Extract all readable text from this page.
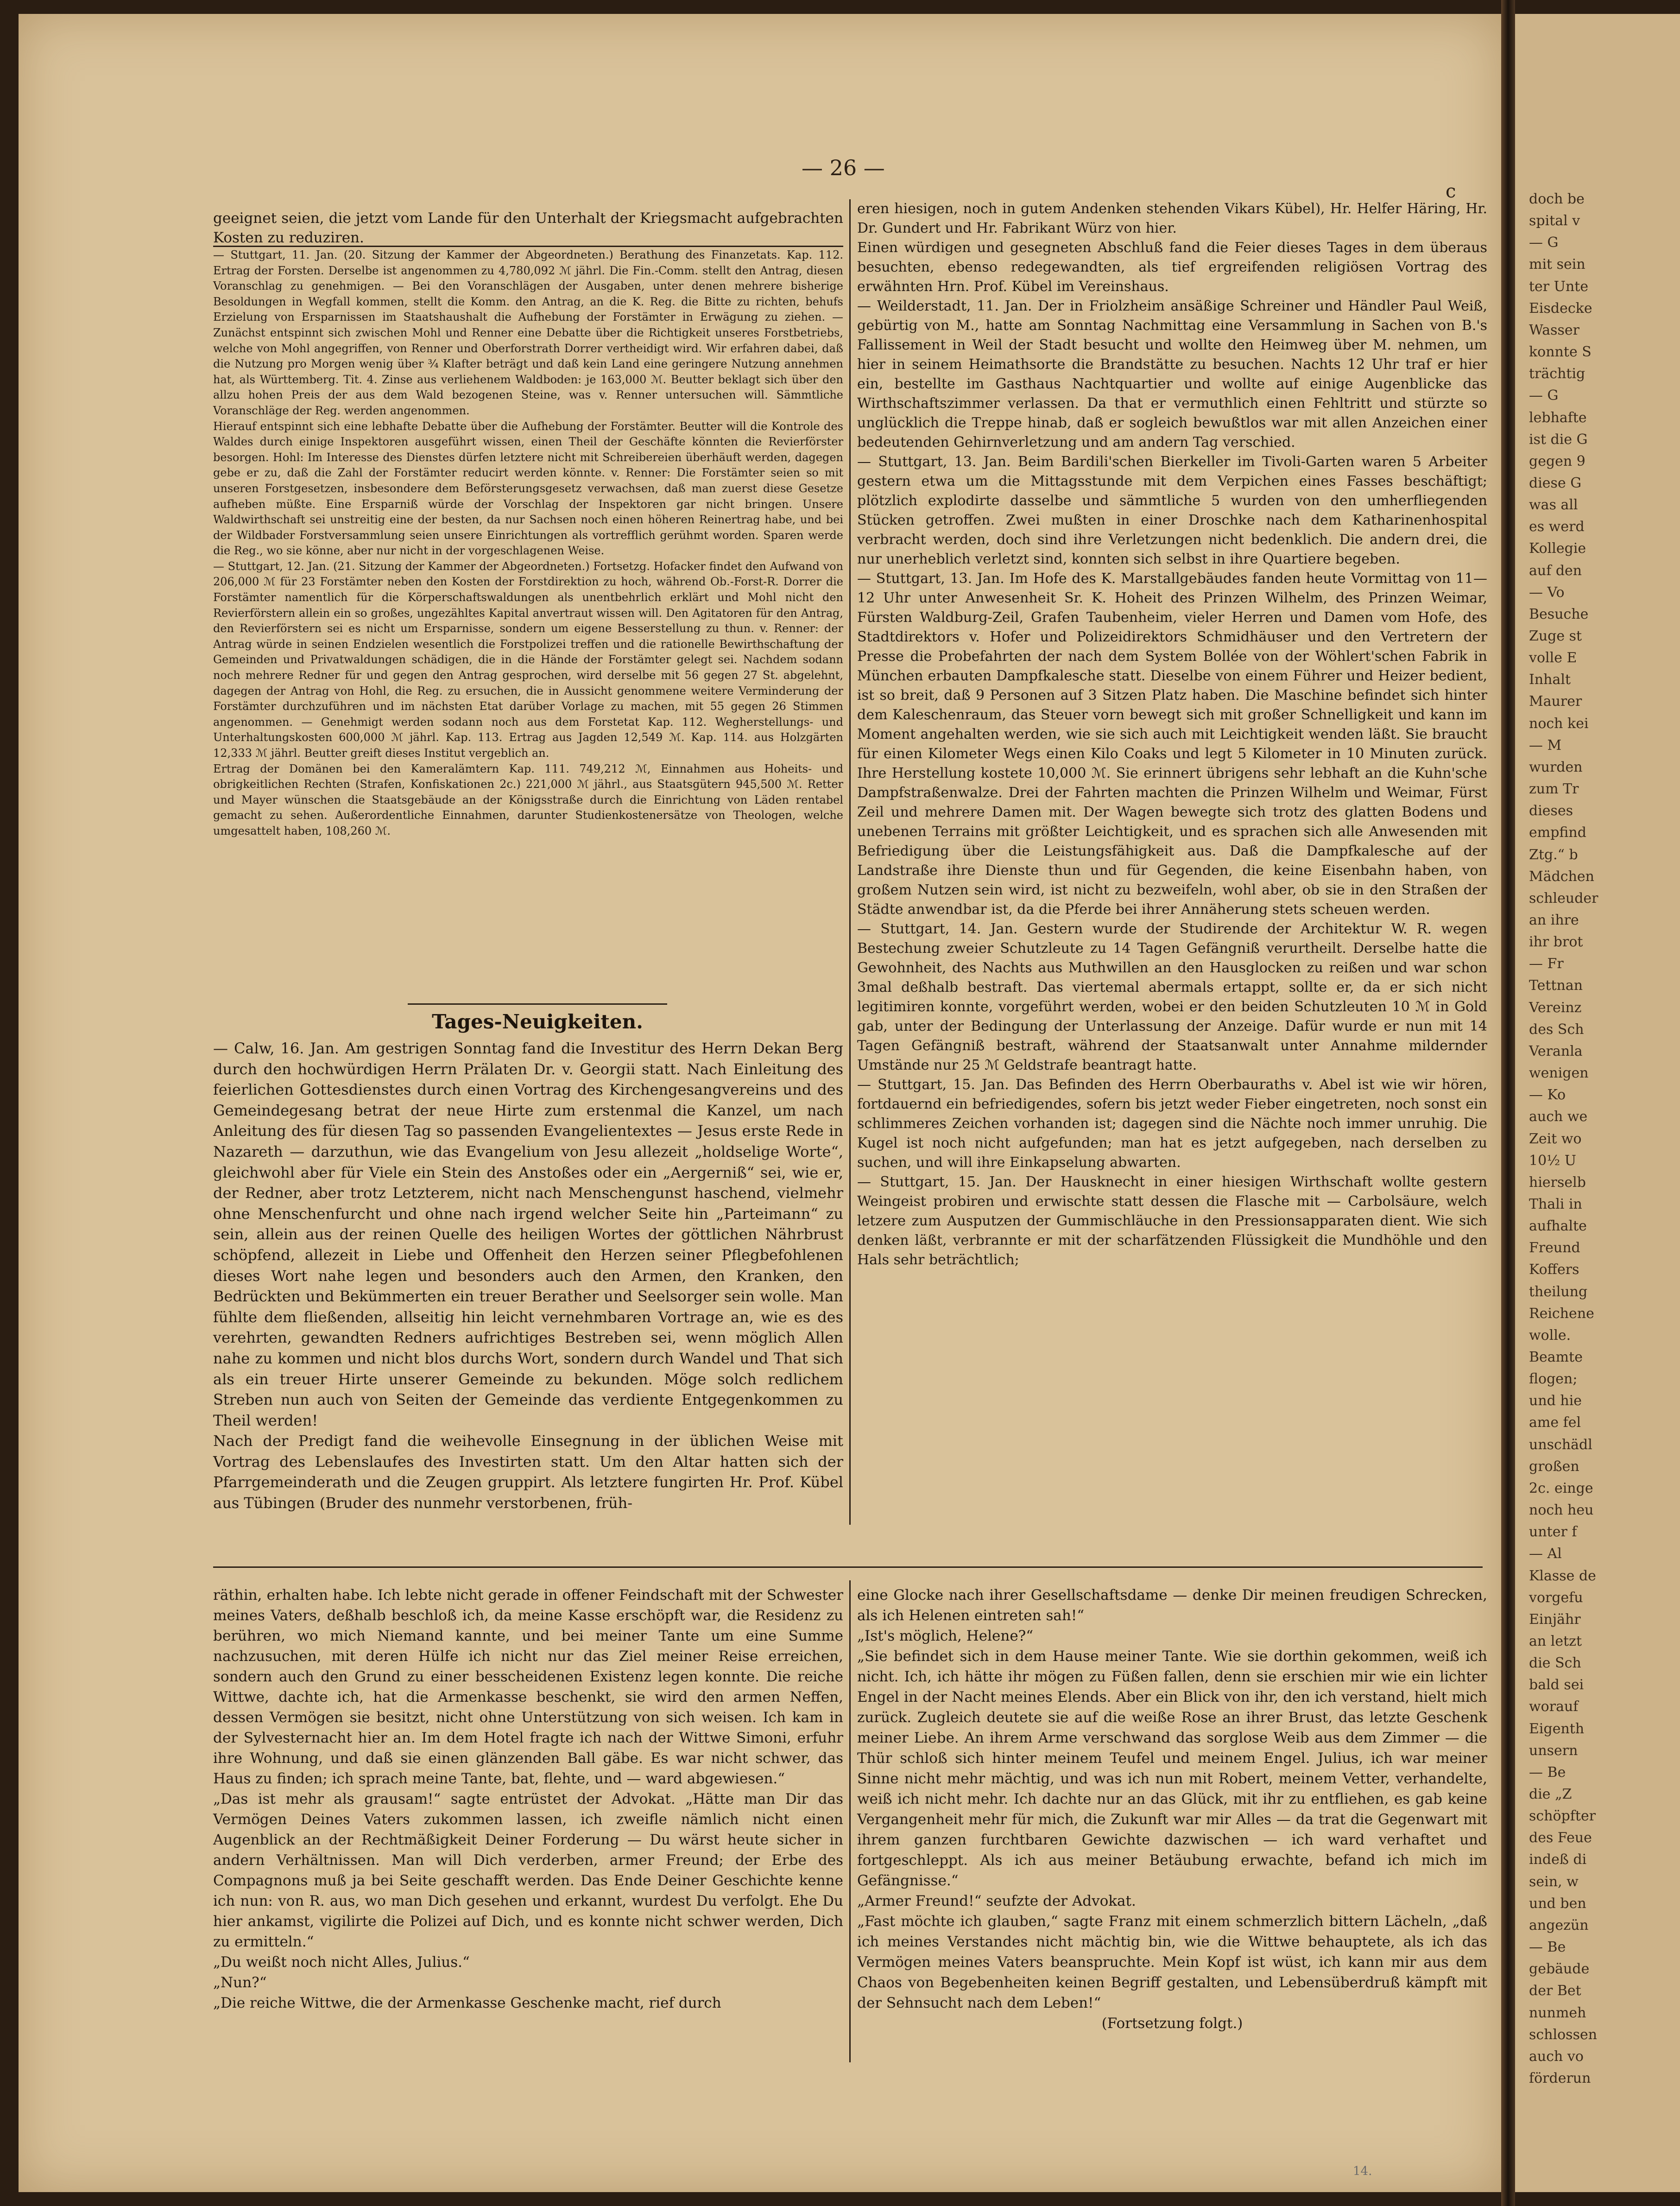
— 26 —
c

geeignet seien, die jetzt vom Lande für den Unterhalt der Kriegsmacht aufgebrachten Kosten zu reduziren.

— Stuttgart, 11. Jan. (20. Sitzung der Kammer der Abgeordneten.) Berathung des Finanzetats. Kap. 112. Ertrag der Forsten. Derselbe ist angenommen zu 4,780,092 ℳ jährl. Die Fin.-Comm. stellt den Antrag, diesen Voranschlag zu genehmigen. — Bei den Voranschlägen der Ausgaben, unter denen mehrere bisherige Besoldungen in Wegfall kommen, stellt die Komm. den Antrag, an die K. Reg. die Bitte zu richten, behufs Erzielung von Ersparnissen im Staatshaushalt die Aufhebung der Forstämter in Erwägung zu ziehen. — Zunächst entspinnt sich zwischen Mohl und Renner eine Debatte über die Richtigkeit unseres Forstbetriebs, welche von Mohl angegriffen, von Renner und Oberforstrath Dorrer vertheidigt wird. Wir erfahren dabei, daß die Nutzung pro Morgen wenig über ¾ Klafter beträgt und daß kein Land eine geringere Nutzung annehmen hat, als Württemberg. Tit. 4. Zinse aus verliehenem Waldboden: je 163,000 ℳ. Beutter beklagt sich über den allzu hohen Preis der aus dem Wald bezogenen Steine, was v. Renner untersuchen will. Sämmtliche Voranschläge der Reg. werden angenommen.

Hierauf entspinnt sich eine lebhafte Debatte über die Aufhebung der Forstämter. Beutter will die Kontrole des Waldes durch einige Inspektoren ausgeführt wissen, einen Theil der Geschäfte könnten die Revierförster besorgen. Hohl: Im Interesse des Dienstes dürfen letztere nicht mit Schreibereien überhäuft werden, dagegen gebe er zu, daß die Zahl der Forstämter reducirt werden könnte. v. Renner: Die Forstämter seien so mit unseren Forstgesetzen, insbesondere dem Beförsterungsgesetz verwachsen, daß man zuerst diese Gesetze aufheben müßte. Eine Ersparniß würde der Vorschlag der Inspektoren gar nicht bringen. Unsere Waldwirthschaft sei unstreitig eine der besten, da nur Sachsen noch einen höheren Reinertrag habe, und bei der Wildbader Forstversammlung seien unsere Einrichtungen als vortrefflich gerühmt worden. Sparen werde die Reg., wo sie könne, aber nur nicht in der vorgeschlagenen Weise.

— Stuttgart, 12. Jan. (21. Sitzung der Kammer der Abgeordneten.) Fortsetzg. Hofacker findet den Aufwand von 206,000 ℳ für 23 Forstämter neben den Kosten der Forstdirektion zu hoch, während Ob.-Forst-R. Dorrer die Forstämter namentlich für die Körperschaftswaldungen als unentbehrlich erklärt und Mohl nicht den Revierförstern allein ein so großes, ungezähltes Kapital anvertraut wissen will. Den Agitatoren für den Antrag, den Revierförstern sei es nicht um Ersparnisse, sondern um eigene Besserstellung zu thun. v. Renner: der Antrag würde in seinen Endzielen wesentlich die Forstpolizei treffen und die rationelle Bewirthschaftung der Gemeinden und Privatwaldungen schädigen, die in die Hände der Forstämter gelegt sei. Nachdem sodann noch mehrere Redner für und gegen den Antrag gesprochen, wird derselbe mit 56 gegen 27 St. abgelehnt, dagegen der Antrag von Hohl, die Reg. zu ersuchen, die in Aussicht genommene weitere Verminderung der Forstämter durchzuführen und im nächsten Etat darüber Vorlage zu machen, mit 55 gegen 26 Stimmen angenommen. — Genehmigt werden sodann noch aus dem Forstetat Kap. 112. Wegherstellungs- und Unterhaltungskosten 600,000 ℳ jährl. Kap. 113. Ertrag aus Jagden 12,549 ℳ. Kap. 114. aus Holzgärten 12,333 ℳ jährl. Beutter greift dieses Institut vergeblich an.

Ertrag der Domänen bei den Kameralämtern Kap. 111. 749,212 ℳ, Einnahmen aus Hoheits- und obrigkeitlichen Rechten (Strafen, Konfiskationen 2c.) 221,000 ℳ jährl., aus Staatsgütern 945,500 ℳ. Retter und Mayer wünschen die Staatsgebäude an der Königsstraße durch die Einrichtung von Läden rentabel gemacht zu sehen. Außerordentliche Einnahmen, darunter Studienkostenersätze von Theologen, welche umgesattelt haben, 108,260 ℳ.

Tages-Neuigkeiten.

— Calw, 16. Jan. Am gestrigen Sonntag fand die Investitur des Herrn Dekan Berg durch den hochwürdigen Herrn Prälaten Dr. v. Georgii statt. Nach Einleitung des feierlichen Gottesdienstes durch einen Vortrag des Kirchengesangvereins und des Gemeindegesang betrat der neue Hirte zum erstenmal die Kanzel, um nach Anleitung des für diesen Tag so passenden Evangelientextes — Jesus erste Rede in Nazareth — darzuthun, wie das Evangelium von Jesu allezeit „holdselige Worte“, gleichwohl aber für Viele ein Stein des Anstoßes oder ein „Aergerniß“ sei, wie er, der Redner, aber trotz Letzterem, nicht nach Menschengunst haschend, vielmehr ohne Menschenfurcht und ohne nach irgend welcher Seite hin „Parteimann“ zu sein, allein aus der reinen Quelle des heiligen Wortes der göttlichen Nährbrust schöpfend, allezeit in Liebe und Offenheit den Herzen seiner Pflegbefohlenen dieses Wort nahe legen und besonders auch den Armen, den Kranken, den Bedrückten und Bekümmerten ein treuer Berather und Seelsorger sein wolle. Man fühlte dem fließenden, allseitig hin leicht vernehmbaren Vortrage an, wie es des verehrten, gewandten Redners aufrichtiges Bestreben sei, wenn möglich Allen nahe zu kommen und nicht blos durchs Wort, sondern durch Wandel und That sich als ein treuer Hirte unserer Gemeinde zu bekunden. Möge solch redlichem Streben nun auch von Seiten der Gemeinde das verdiente Entgegenkommen zu Theil werden!

Nach der Predigt fand die weihevolle Einsegnung in der üblichen Weise mit Vortrag des Lebenslaufes des Investirten statt. Um den Altar hatten sich der Pfarrgemeinderath und die Zeugen gruppirt. Als letztere fungirten Hr. Prof. Kübel aus Tübingen (Bruder des nunmehr verstorbenen, früh-

eren hiesigen, noch in gutem Andenken stehenden Vikars Kübel), Hr. Helfer Häring, Hr. Dr. Gundert und Hr. Fabrikant Würz von hier.

Einen würdigen und gesegneten Abschluß fand die Feier dieses Tages in dem überaus besuchten, ebenso redegewandten, als tief ergreifenden religiösen Vortrag des erwähnten Hrn. Prof. Kübel im Vereinshaus.

— Weilderstadt, 11. Jan. Der in Friolzheim ansäßige Schreiner und Händler Paul Weiß, gebürtig von M., hatte am Sonntag Nachmittag eine Versammlung in Sachen von B.'s Fallissement in Weil der Stadt besucht und wollte den Heimweg über M. nehmen, um hier in seinem Heimathsorte die Brandstätte zu besuchen. Nachts 12 Uhr traf er hier ein, bestellte im Gasthaus Nachtquartier und wollte auf einige Augenblicke das Wirthschaftszimmer verlassen. Da that er vermuthlich einen Fehltritt und stürzte so unglücklich die Treppe hinab, daß er sogleich bewußtlos war mit allen Anzeichen einer bedeutenden Gehirnverletzung und am andern Tag verschied.

— Stuttgart, 13. Jan. Beim Bardili'schen Bierkeller im Tivoli-Garten waren 5 Arbeiter gestern etwa um die Mittagsstunde mit dem Verpichen eines Fasses beschäftigt; plötzlich explodirte dasselbe und sämmtliche 5 wurden von den umherfliegenden Stücken getroffen. Zwei mußten in einer Droschke nach dem Katharinenhospital verbracht werden, doch sind ihre Verletzungen nicht bedenklich. Die andern drei, die nur unerheblich verletzt sind, konnten sich selbst in ihre Quartiere begeben.

— Stuttgart, 13. Jan. Im Hofe des K. Marstallgebäudes fanden heute Vormittag von 11—12 Uhr unter Anwesenheit Sr. K. Hoheit des Prinzen Wilhelm, des Prinzen Weimar, Fürsten Waldburg-Zeil, Grafen Taubenheim, vieler Herren und Damen vom Hofe, des Stadtdirektors v. Hofer und Polizeidirektors Schmidhäuser und den Vertretern der Presse die Probefahrten der nach dem System Bollée von der Wöhlert'schen Fabrik in München erbauten Dampfkalesche statt. Dieselbe von einem Führer und Heizer bedient, ist so breit, daß 9 Personen auf 3 Sitzen Platz haben. Die Maschine befindet sich hinter dem Kaleschenraum, das Steuer vorn bewegt sich mit großer Schnelligkeit und kann im Moment angehalten werden, wie sie sich auch mit Leichtigkeit wenden läßt. Sie braucht für einen Kilometer Wegs einen Kilo Coaks und legt 5 Kilometer in 10 Minuten zurück. Ihre Herstellung kostete 10,000 ℳ. Sie erinnert übrigens sehr lebhaft an die Kuhn'sche Dampfstraßenwalze. Drei der Fahrten machten die Prinzen Wilhelm und Weimar, Fürst Zeil und mehrere Damen mit. Der Wagen bewegte sich trotz des glatten Bodens und unebenen Terrains mit größter Leichtigkeit, und es sprachen sich alle Anwesenden mit Befriedigung über die Leistungsfähigkeit aus. Daß die Dampfkalesche auf der Landstraße ihre Dienste thun und für Gegenden, die keine Eisenbahn haben, von großem Nutzen sein wird, ist nicht zu bezweifeln, wohl aber, ob sie in den Straßen der Städte anwendbar ist, da die Pferde bei ihrer Annäherung stets scheuen werden.

— Stuttgart, 14. Jan. Gestern wurde der Studirende der Architektur W. R. wegen Bestechung zweier Schutzleute zu 14 Tagen Gefängniß verurtheilt. Derselbe hatte die Gewohnheit, des Nachts aus Muthwillen an den Hausglocken zu reißen und war schon 3mal deßhalb bestraft. Das viertemal abermals ertappt, sollte er, da er sich nicht legitimiren konnte, vorgeführt werden, wobei er den beiden Schutzleuten 10 ℳ in Gold gab, unter der Bedingung der Unterlassung der Anzeige. Dafür wurde er nun mit 14 Tagen Gefängniß bestraft, während der Staatsanwalt unter Annahme mildernder Umstände nur 25 ℳ Geldstrafe beantragt hatte.

— Stuttgart, 15. Jan. Das Befinden des Herrn Oberbauraths v. Abel ist wie wir hören, fortdauernd ein befriedigendes, sofern bis jetzt weder Fieber eingetreten, noch sonst ein schlimmeres Zeichen vorhanden ist; dagegen sind die Nächte noch immer unruhig. Die Kugel ist noch nicht aufgefunden; man hat es jetzt aufgegeben, nach derselben zu suchen, und will ihre Einkapselung abwarten.

— Stuttgart, 15. Jan. Der Hausknecht in einer hiesigen Wirthschaft wollte gestern Weingeist probiren und erwischte statt dessen die Flasche mit — Carbolsäure, welch letzere zum Ausputzen der Gummischläuche in den Pressionsapparaten dient. Wie sich denken läßt, verbrannte er mit der scharfätzenden Flüssigkeit die Mundhöhle und den Hals sehr beträchtlich;

räthin, erhalten habe. Ich lebte nicht gerade in offener Feindschaft mit der Schwester meines Vaters, deßhalb beschloß ich, da meine Kasse erschöpft war, die Residenz zu berühren, wo mich Niemand kannte, und bei meiner Tante um eine Summe nachzusuchen, mit deren Hülfe ich nicht nur das Ziel meiner Reise erreichen, sondern auch den Grund zu einer besscheidenen Existenz legen konnte. Die reiche Wittwe, dachte ich, hat die Armenkasse beschenkt, sie wird den armen Neffen, dessen Vermögen sie besitzt, nicht ohne Unterstützung von sich weisen. Ich kam in der Sylvesternacht hier an. Im dem Hotel fragte ich nach der Wittwe Simoni, erfuhr ihre Wohnung, und daß sie einen glänzenden Ball gäbe. Es war nicht schwer, das Haus zu finden; ich sprach meine Tante, bat, flehte, und — ward abgewiesen.“

„Das ist mehr als grausam!“ sagte entrüstet der Advokat. „Hätte man Dir das Vermögen Deines Vaters zukommen lassen, ich zweifle nämlich nicht einen Augenblick an der Rechtmäßigkeit Deiner Forderung — Du wärst heute sicher in andern Verhältnissen. Man will Dich verderben, armer Freund; der Erbe des Compagnons muß ja bei Seite geschafft werden. Das Ende Deiner Geschichte kenne ich nun: von R. aus, wo man Dich gesehen und erkannt, wurdest Du verfolgt. Ehe Du hier ankamst, vigilirte die Polizei auf Dich, und es konnte nicht schwer werden, Dich zu ermitteln.“

„Du weißt noch nicht Alles, Julius.“

„Nun?“

„Die reiche Wittwe, die der Armenkasse Geschenke macht, rief durch

eine Glocke nach ihrer Gesellschaftsdame — denke Dir meinen freudigen Schrecken, als ich Helenen eintreten sah!“

„Ist's möglich, Helene?“

„Sie befindet sich in dem Hause meiner Tante. Wie sie dorthin gekommen, weiß ich nicht. Ich, ich hätte ihr mögen zu Füßen fallen, denn sie erschien mir wie ein lichter Engel in der Nacht meines Elends. Aber ein Blick von ihr, den ich verstand, hielt mich zurück. Zugleich deutete sie auf die weiße Rose an ihrer Brust, das letzte Geschenk meiner Liebe. An ihrem Arme verschwand das sorglose Weib aus dem Zimmer — die Thür schloß sich hinter meinem Teufel und meinem Engel. Julius, ich war meiner Sinne nicht mehr mächtig, und was ich nun mit Robert, meinem Vetter, verhandelte, weiß ich nicht mehr. Ich dachte nur an das Glück, mit ihr zu entfliehen, es gab keine Vergangenheit mehr für mich, die Zukunft war mir Alles — da trat die Gegenwart mit ihrem ganzen furchtbaren Gewichte dazwischen — ich ward verhaftet und fortgeschleppt. Als ich aus meiner Betäubung erwachte, befand ich mich im Gefängnisse.“

„Armer Freund!“ seufzte der Advokat.

„Fast möchte ich glauben,“ sagte Franz mit einem schmerzlich bittern Lächeln, „daß ich meines Verstandes nicht mächtig bin, wie die Wittwe behauptete, als ich das Vermögen meines Vaters beanspruchte. Mein Kopf ist wüst, ich kann mir aus dem Chaos von Begebenheiten keinen Begriff gestalten, und Lebensüberdruß kämpft mit der Sehnsucht nach dem Leben!“

(Fortsetzung folgt.)

14.
doch be
spital v
— G
mit sein
ter Unte
Eisdecke
Wasser
konnte S
trächtig
— G
lebhafte
ist die G
gegen 9
diese G
was all
es werd
Kollegie
auf den
— Vo
Besuche
Zuge st
volle E
Inhalt
Maurer
noch kei
— M
wurden
zum Tr
dieses
empfind
Ztg.“ b
Mädchen
schleuder
an ihre
ihr brot
— Fr
Tettnan
Vereinz
des Sch
Veranla
wenigen
— Ko
auch we
Zeit wo
10½ U
hierselb
Thali in
aufhalte
Freund
Koffers
theilung
Reichene
wolle.
Beamte
flogen;
und hie
ame fel
unschädl
großen
2c. einge
noch heu
unter f
— Al
Klasse de
vorgefu
Einjähr
an letzt
die Sch
bald sei
worauf
Eigenth
unsern
— Be
die „Z
schöpfter
des Feue
indeß di
sein, w
und ben
angezün
— Be
gebäude
der Bet
nunmeh
schlossen
auch vo
förderun
